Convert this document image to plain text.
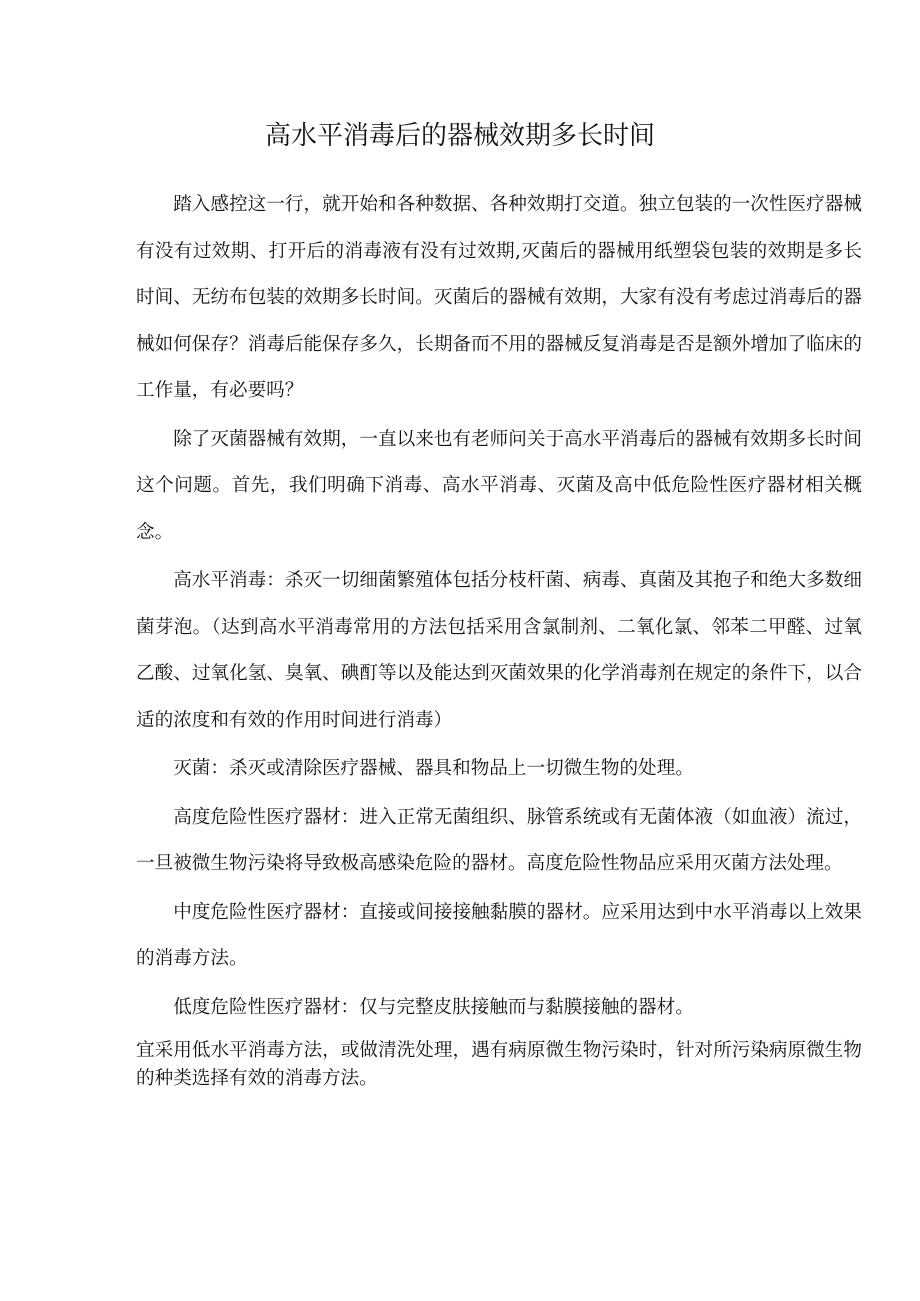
高水平消毒后的器械效期多长时间

踏入感控这一行，就开始和各种数据、各种效期打交道。独立包装的一次性医疗器械有没有过效期、打开后的消毒液有没有过效期,灭菌后的器械用纸塑袋包装的效期是多长时间、无纺布包装的效期多长时间。灭菌后的器械有效期，大家有没有考虑过消毒后的器械如何保存？消毒后能保存多久，长期备而不用的器械反复消毒是否是额外增加了临床的工作量，有必要吗？

除了灭菌器械有效期，一直以来也有老师问关于高水平消毒后的器械有效期多长时间这个问题。首先，我们明确下消毒、高水平消毒、灭菌及高中低危险性医疗器材相关概念。

高水平消毒：杀灭一切细菌繁殖体包括分枝杆菌、病毒、真菌及其抱子和绝大多数细菌芽泡。（达到高水平消毒常用的方法包括采用含氯制剂、二氧化氯、邻苯二甲醛、过氧乙酸、过氧化氢、臭氧、碘酊等以及能达到灭菌效果的化学消毒剂在规定的条件下，以合适的浓度和有效的作用时间进行消毒）

灭菌：杀灭或清除医疗器械、器具和物品上一切微生物的处理。

高度危险性医疗器材：进入正常无菌组织、脉管系统或有无菌体液（如血液）流过，一旦被微生物污染将导致极高感染危险的器材。高度危险性物品应采用灭菌方法处理。

中度危险性医疗器材：直接或间接接触黏膜的器材。应采用达到中水平消毒以上效果的消毒方法。

低度危险性医疗器材：仅与完整皮肤接触而与黏膜接触的器材。

宜采用低水平消毒方法，或做清洗处理，遇有病原微生物污染时，针对所污染病原微生物的种类选择有效的消毒方法。
